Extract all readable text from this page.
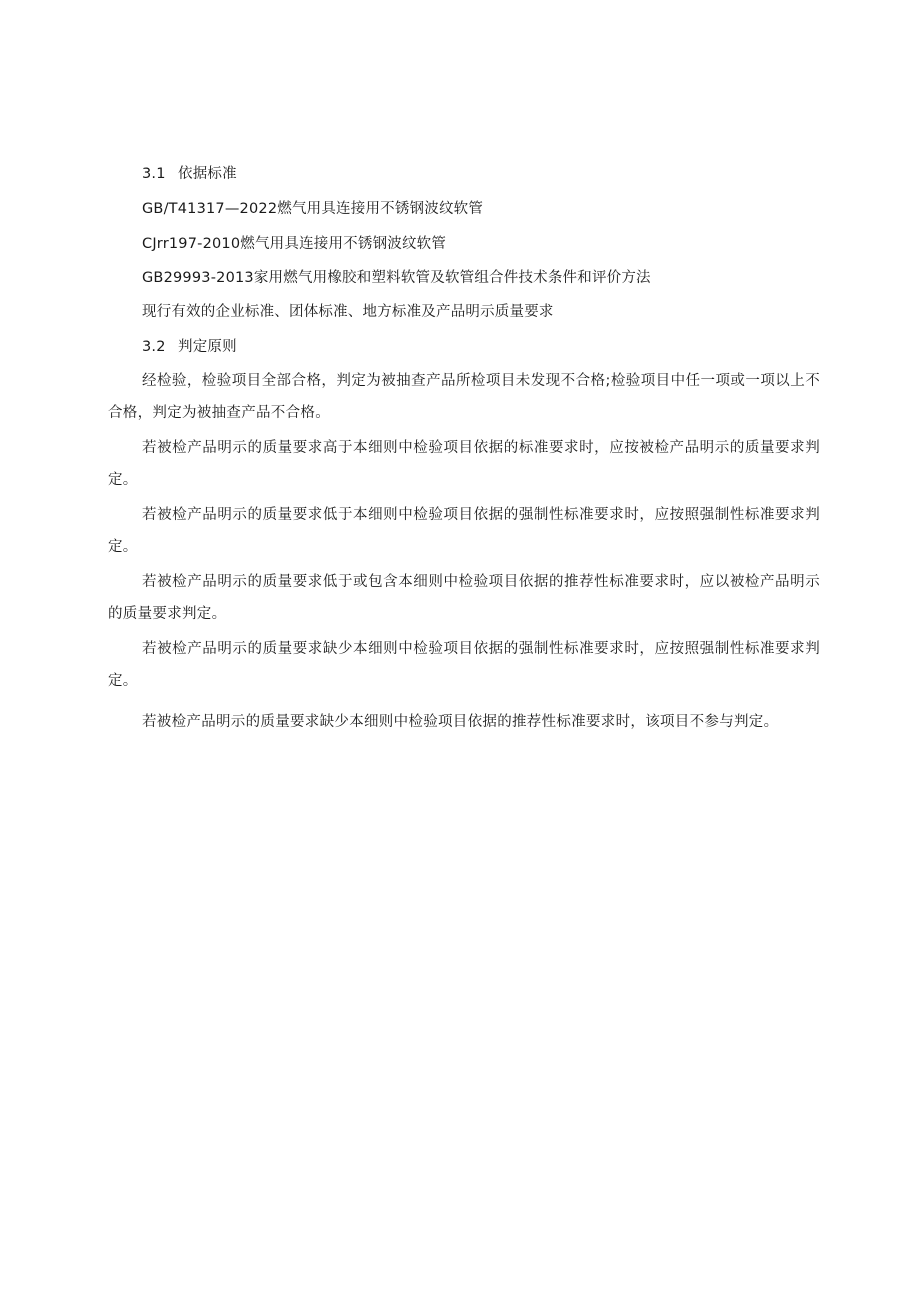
3.1 依据标准
GB/T41317—2022燃气用具连接用不锈钢波纹软管
CJrr197-2010燃气用具连接用不锈钢波纹软管
GB29993-2013家用燃气用橡胶和塑料软管及软管组合件技术条件和评价方法
现行有效的企业标准、团体标准、地方标准及产品明示质量要求
3.2 判定原则

经检验，检验项目全部合格，判定为被抽查产品所检项目未发现不合格;检验项目中任一项或一项以上不合格，判定为被抽查产品不合格。

若被检产品明示的质量要求高于本细则中检验项目依据的标准要求时，应按被检产品明示的质量要求判定。

若被检产品明示的质量要求低于本细则中检验项目依据的强制性标准要求时，应按照强制性标准要求判定。

若被检产品明示的质量要求低于或包含本细则中检验项目依据的推荐性标准要求时，应以被检产品明示的质量要求判定。

若被检产品明示的质量要求缺少本细则中检验项目依据的强制性标准要求时，应按照强制性标准要求判定。

若被检产品明示的质量要求缺少本细则中检验项目依据的推荐性标准要求时，该项目不参与判定。
